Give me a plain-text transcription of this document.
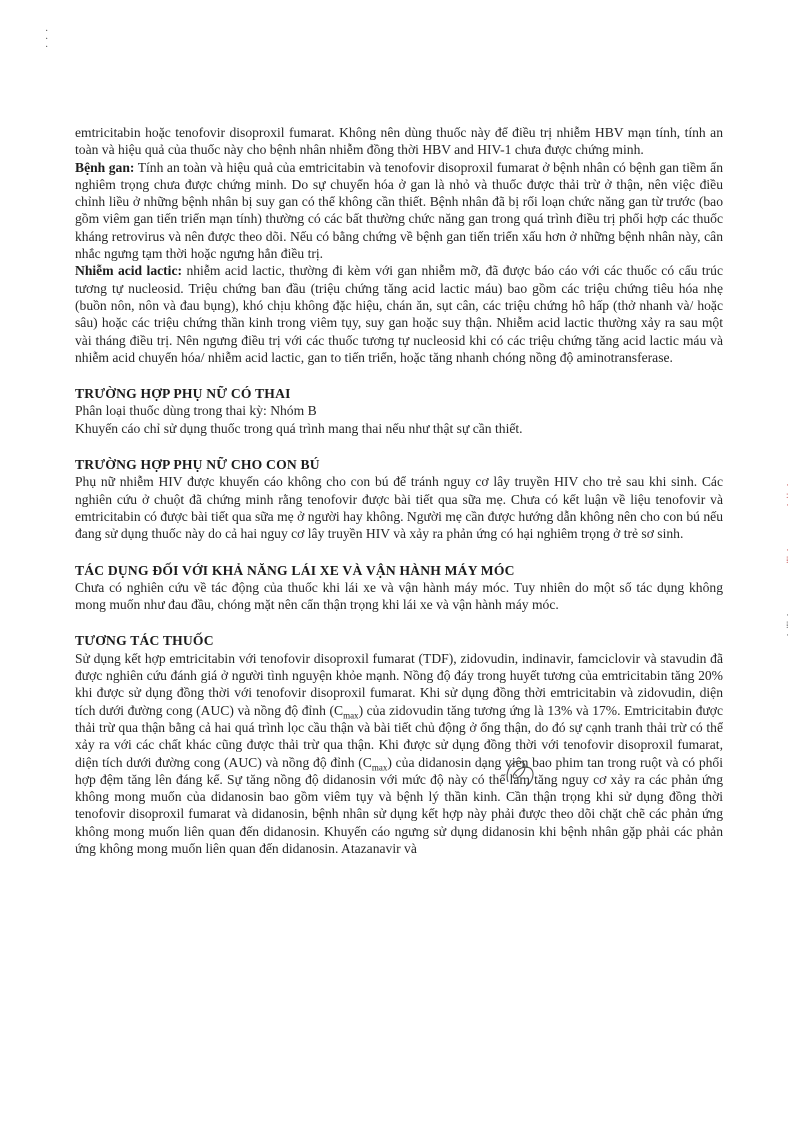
·
·
·

emtricitabin hoặc tenofovir disoproxil fumarat. Không nên dùng thuốc này để điều trị nhiễm HBV mạn tính, tính an toàn và hiệu quả của thuốc này cho bệnh nhân nhiễm đồng thời HBV and HIV-1 chưa được chứng minh.

Bệnh gan: Tính an toàn và hiệu quả của emtricitabin và tenofovir disoproxil fumarat ở bệnh nhân có bệnh gan tiềm ẩn nghiêm trọng chưa được chứng minh. Do sự chuyển hóa ở gan là nhỏ và thuốc được thải trừ ở thận, nên việc điều chỉnh liều ở những bệnh nhân bị suy gan có thể không cần thiết. Bệnh nhân đã bị rối loạn chức năng gan từ trước (bao gồm viêm gan tiến triển mạn tính) thường có các bất thường chức năng gan trong quá trình điều trị phối hợp các thuốc kháng retrovirus và nên được theo dõi. Nếu có bằng chứng về bệnh gan tiến triển xấu hơn ở những bệnh nhân này, cân nhắc ngưng tạm thời hoặc ngưng hẳn điều trị.

Nhiễm acid lactic: nhiễm acid lactic, thường đi kèm với gan nhiễm mỡ, đã được báo cáo với các thuốc có cấu trúc tương tự nucleosid. Triệu chứng ban đầu (triệu chứng tăng acid lactic máu) bao gồm các triệu chứng tiêu hóa nhẹ (buồn nôn, nôn và đau bụng), khó chịu không đặc hiệu, chán ăn, sụt cân, các triệu chứng hô hấp (thở nhanh và/ hoặc sâu) hoặc các triệu chứng thần kinh trong viêm tụy, suy gan hoặc suy thận. Nhiễm acid lactic thường xảy ra sau một vài tháng điều trị. Nên ngưng điều trị với các thuốc tương tự nucleosid khi có các triệu chứng tăng acid lactic máu và nhiễm acid chuyển hóa/ nhiễm acid lactic, gan to tiến triển, hoặc tăng nhanh chóng nồng độ aminotransferase.

TRƯỜNG HỢP PHỤ NỮ CÓ THAI

Phân loại thuốc dùng trong thai kỳ: Nhóm B

Khuyến cáo chỉ sử dụng thuốc trong quá trình mang thai nếu như thật sự cần thiết.

TRƯỜNG HỢP PHỤ NỮ CHO CON BÚ

Phụ nữ nhiễm HIV được khuyến cáo không cho con bú để tránh nguy cơ lây truyền HIV cho trẻ sau khi sinh. Các nghiên cứu ở chuột đã chứng minh rằng tenofovir được bài tiết qua sữa mẹ. Chưa có kết luận về liệu tenofovir và emtricitabin có được bài tiết qua sữa mẹ ở người hay không. Người mẹ cần được hướng dẫn không nên cho con bú nếu đang sử dụng thuốc này do cả hai nguy cơ lây truyền HIV và xảy ra phản ứng có hại nghiêm trọng ở trẻ sơ sinh.

TÁC DỤNG ĐỐI VỚI KHẢ NĂNG LÁI XE VÀ VẬN HÀNH MÁY MÓC

Chưa có nghiên cứu về tác động của thuốc khi lái xe và vận hành máy móc. Tuy nhiên do một số tác dụng không mong muốn như đau đầu, chóng mặt nên cẩn thận trọng khi lái xe và vận hành máy móc.

TƯƠNG TÁC THUỐC

Sử dụng kết hợp emtricitabin với tenofovir disoproxil fumarat (TDF), zidovudin, indinavir, famciclovir và stavudin đã được nghiên cứu đánh giá ở người tình nguyện khỏe mạnh. Nồng độ đáy trong huyết tương của emtricitabin tăng 20% khi được sử dụng đồng thời với tenofovir disoproxil fumarat. Khi sử dụng đồng thời emtricitabin và zidovudin, diện tích dưới đường cong (AUC) và nồng độ đỉnh $(C_{max})$ của zidovudin tăng tương ứng là 13% và 17%. Emtricitabin được thải trừ qua thận bằng cả hai quá trình lọc cầu thận và bài tiết chủ động ở ống thận, do đó sự cạnh tranh thải trừ có thể xảy ra với các chất khác cũng được thải trừ qua thận. Khi được sử dụng đồng thời với tenofovir disoproxil fumarat, diện tích dưới đường cong (AUC) và nồng độ đỉnh $(C_{max})$ của didanosin dạng viên bao phim tan trong ruột và có phối hợp đệm tăng lên đáng kể. Sự tăng nồng độ didanosin với mức độ này có thể làm tăng nguy cơ xảy ra các phản ứng không mong muốn của didanosin bao gồm viêm tụy và bệnh lý thần kinh. Cần thận trọng khi sử dụng đồng thời tenofovir disoproxil fumarat và didanosin, bệnh nhân sử dụng kết hợp này phải được theo dõi chặt chẽ các phản ứng không mong muốn liên quan đến didanosin. Khuyến cáo ngưng sử dụng didanosin khi bệnh nhân gặp phải các phản ứng không mong muốn liên quan đến didanosin. Atazanavir và

·
:
·
·
⁞
·
⁞
·
